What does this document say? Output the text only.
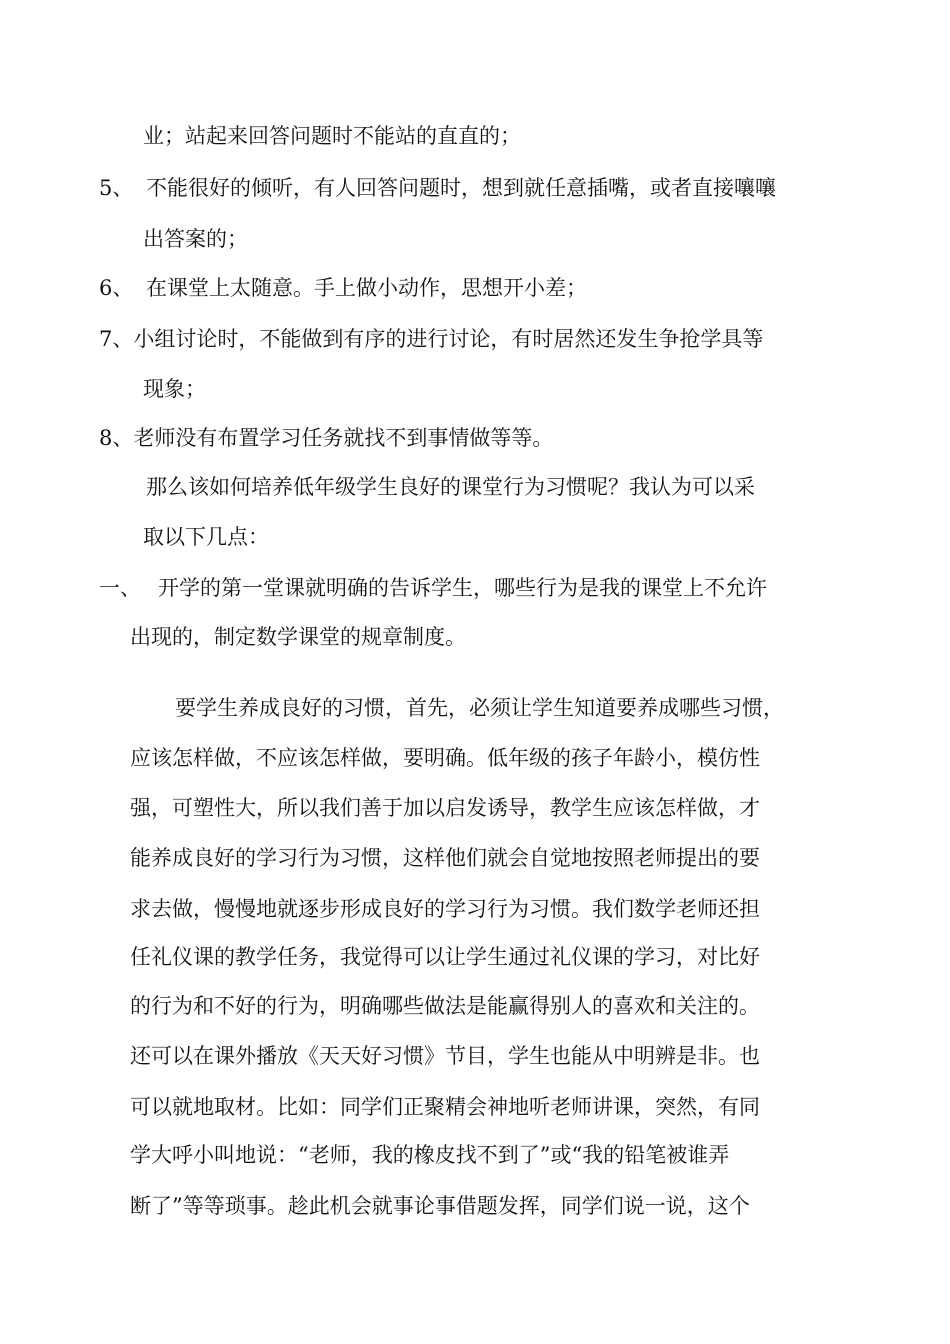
业；站起来回答问题时不能站的直直的；
5、 不能很好的倾听，有人回答问题时，想到就任意插嘴，或者直接嚷嚷
出答案的；
6、 在课堂上太随意。手上做小动作，思想开小差；
7、小组讨论时，不能做到有序的进行讨论，有时居然还发生争抢学具等
现象；
8、老师没有布置学习任务就找不到事情做等等。
那么该如何培养低年级学生良好的课堂行为习惯呢？我认为可以采
取以下几点：
一、 开学的第一堂课就明确的告诉学生，哪些行为是我的课堂上不允许
出现的，制定数学课堂的规章制度。
要学生养成良好的习惯，首先，必须让学生知道要养成哪些习惯，
应该怎样做，不应该怎样做，要明确。低年级的孩子年龄小，模仿性
强，可塑性大，所以我们善于加以启发诱导，教学生应该怎样做，才
能养成良好的学习行为习惯，这样他们就会自觉地按照老师提出的要
求去做，慢慢地就逐步形成良好的学习行为习惯。我们数学老师还担
任礼仪课的教学任务，我觉得可以让学生通过礼仪课的学习，对比好
的行为和不好的行为，明确哪些做法是能赢得别人的喜欢和关注的。
还可以在课外播放《天天好习惯》节目，学生也能从中明辨是非。也
可以就地取材。比如：同学们正聚精会神地听老师讲课，突然，有同
学大呼小叫地说：“老师，我的橡皮找不到了”或“我的铅笔被谁弄
断了”等等琐事。趁此机会就事论事借题发挥，同学们说一说，这个
